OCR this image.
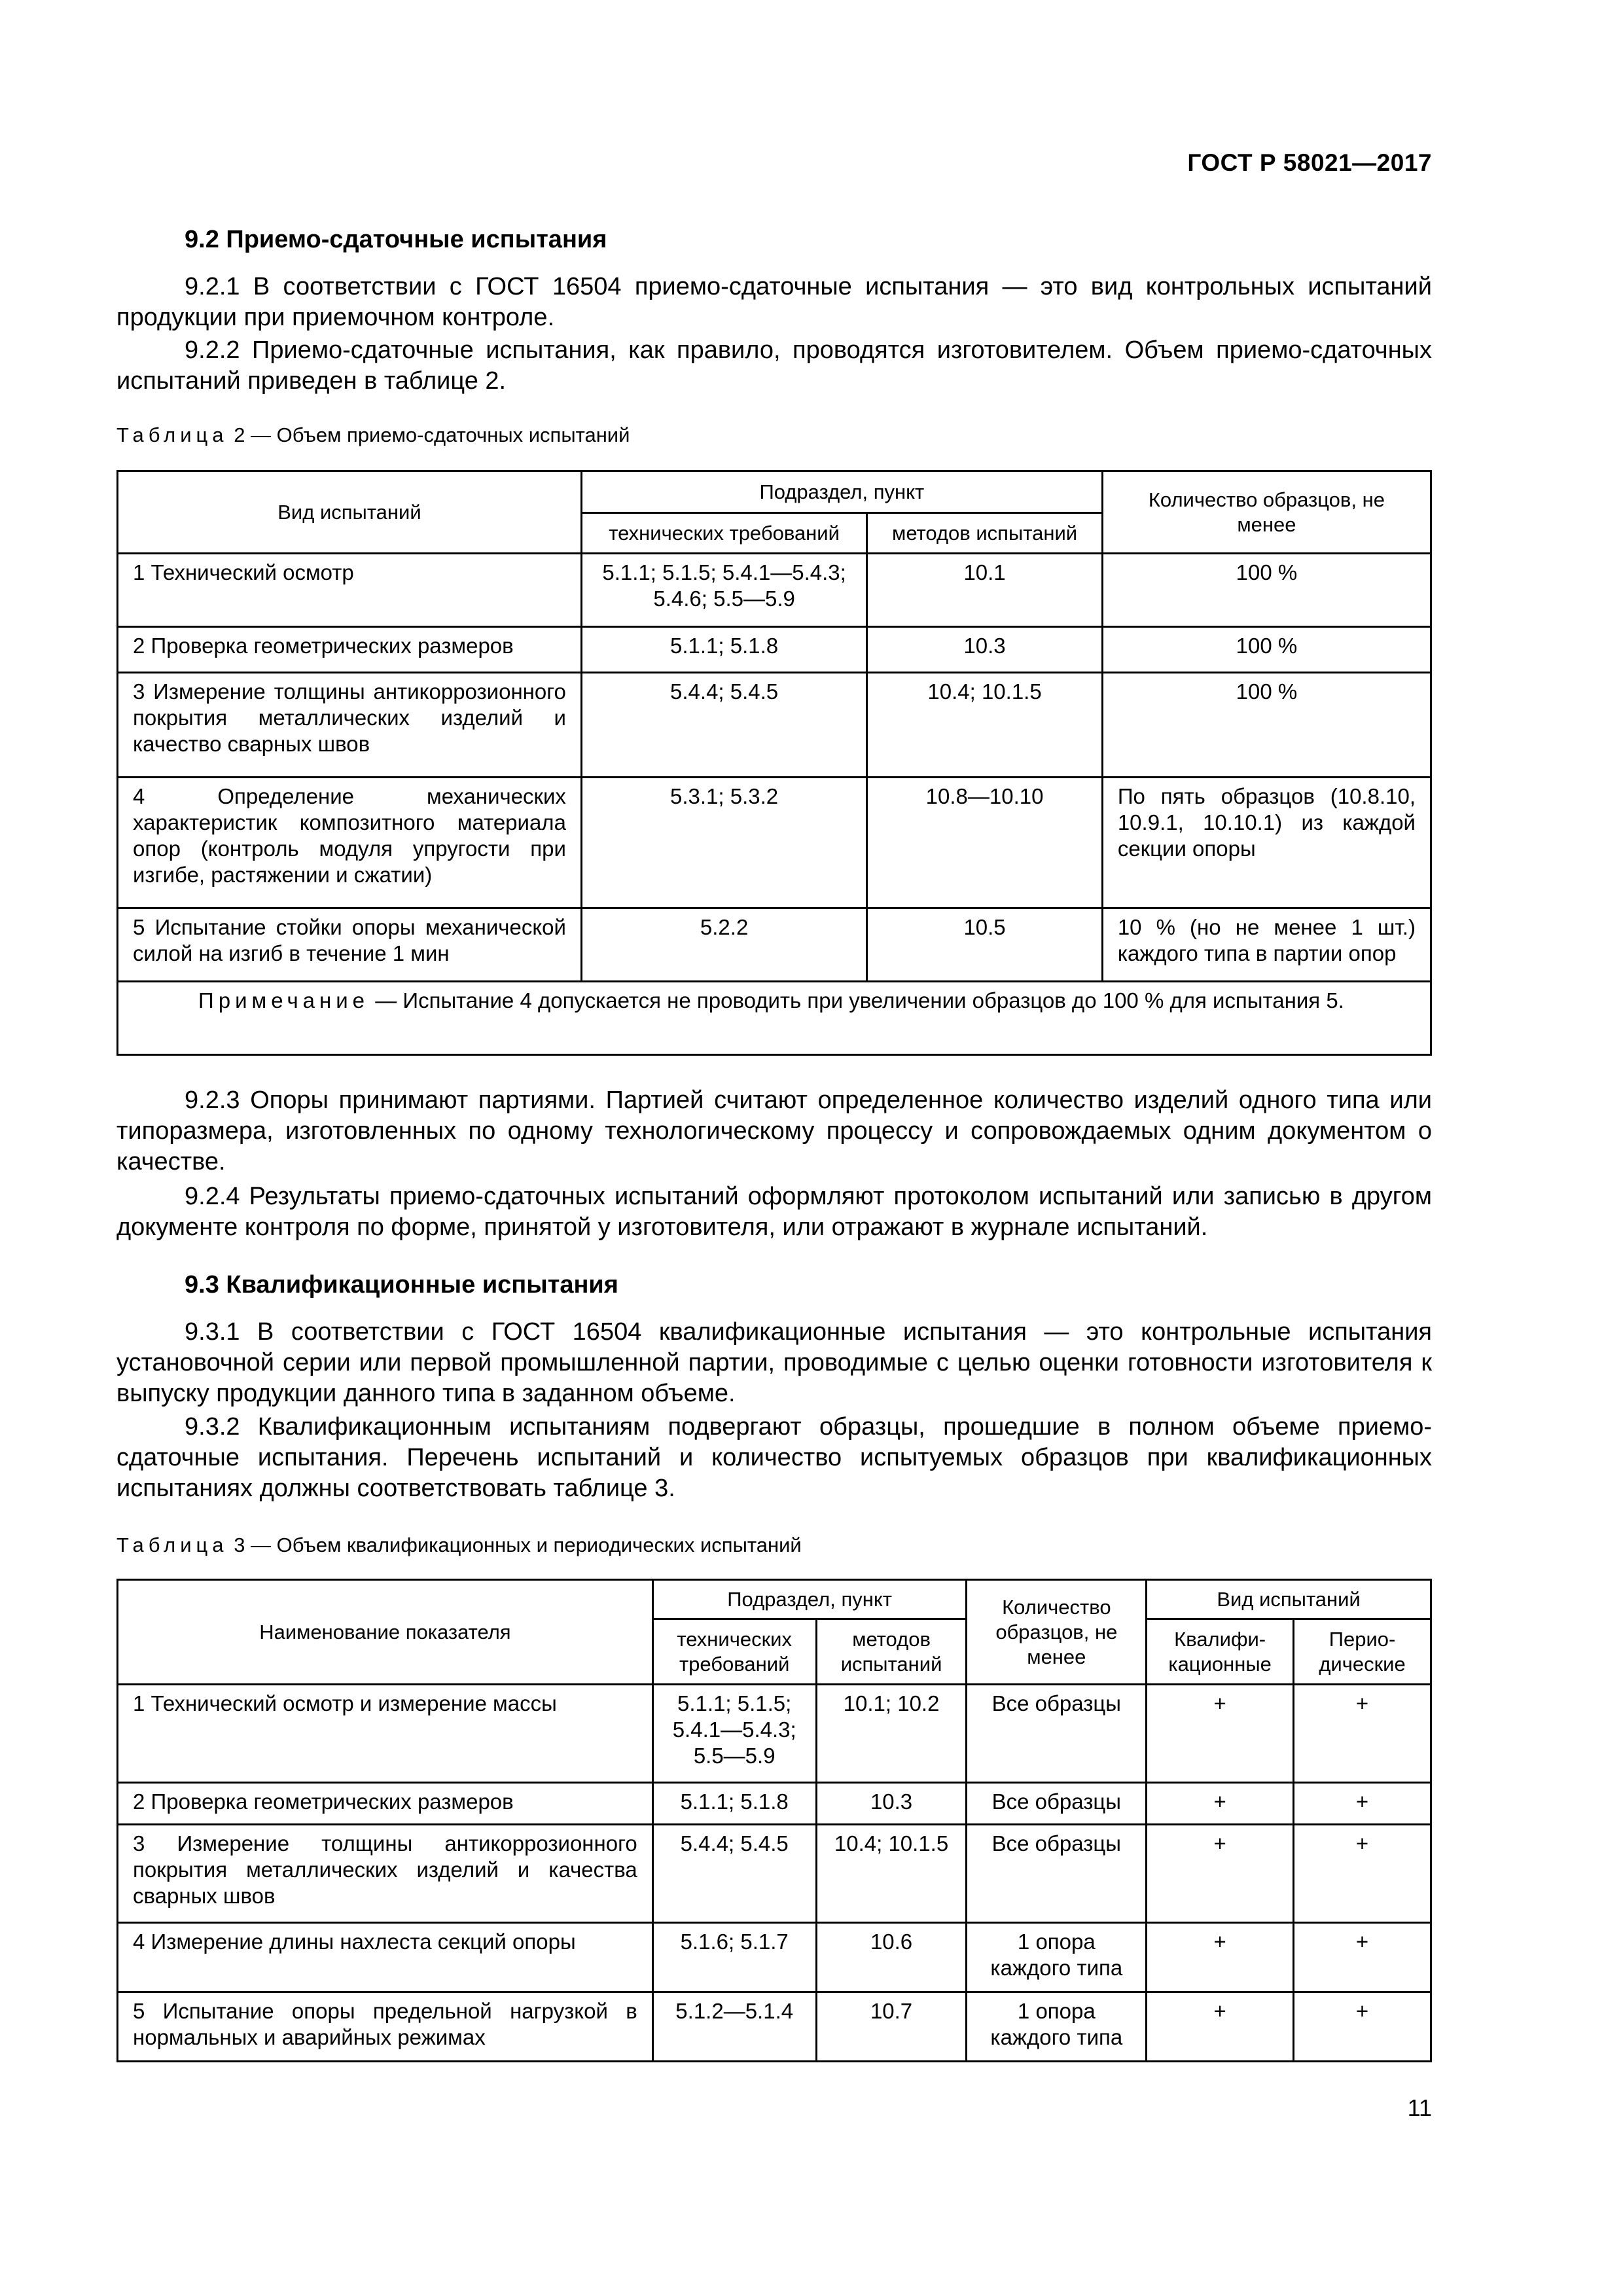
ГОСТ Р 58021—2017
9.2 Приемо-сдаточные испытания
9.2.1 В соответствии с ГОСТ 16504 приемо-сдаточные испытания — это вид контрольных испытаний продукции при приемочном контроле.
9.2.2 Приемо-сдаточные испытания, как правило, проводятся изготовителем. Объем приемо-сдаточных испытаний приведен в таблице 2.
Таблица 2 — Объем приемо-сдаточных испытаний
Вид испытаний	Подраздел, пункт		Количество образцов, не менее
	технических требований	методов испытаний	
1 Технический осмотр	5.1.1; 5.1.5; 5.4.1—5.4.3; 5.4.6; 5.5—5.9	10.1	100 %
2 Проверка геометрических размеров	5.1.1; 5.1.8	10.3	100 %
3 Измерение толщины антикоррозионного покрытия металлических изделий и качество сварных швов	5.4.4; 5.4.5	10.4; 10.1.5	100 %
4 Определение механических характеристик композитного материала опор (контроль модуля упругости при изгибе, растяжении и сжатии)	5.3.1; 5.3.2	10.8—10.10	По пять образцов (10.8.10, 10.9.1, 10.10.1) из каждой секции опоры
5 Испытание стойки опоры механической силой на изгиб в течение 1 мин	5.2.2	10.5	10 % (но не менее 1 шт.) каждого типа в партии опор
Примечание — Испытание 4 допускается не проводить при увеличении образцов до 100 % для испытания 5.			
9.2.3 Опоры принимают партиями. Партией считают определенное количество изделий одного типа или типоразмера, изготовленных по одному технологическому процессу и сопровождаемых одним документом о качестве.
9.2.4 Результаты приемо-сдаточных испытаний оформляют протоколом испытаний или записью в другом документе контроля по форме, принятой у изготовителя, или отражают в журнале испытаний.
9.3 Квалификационные испытания
9.3.1 В соответствии с ГОСТ 16504 квалификационные испытания — это контрольные испытания установочной серии или первой промышленной партии, проводимые с целью оценки готовности изготовителя к выпуску продукции данного типа в заданном объеме.
9.3.2 Квалификационным испытаниям подвергают образцы, прошедшие в полном объеме приемо-сдаточные испытания. Перечень испытаний и количество испытуемых образцов при квалификационных испытаниях должны соответствовать таблице 3.
Таблица 3 — Объем квалификационных и периодических испытаний
Наименование показателя	Подраздел, пункт		Количество образцов, не менее	Вид испытаний	
	технических требований	методов испытаний		Квалифи-кационные	Перио-дические
1 Технический осмотр и измерение массы	5.1.1; 5.1.5; 5.4.1—5.4.3; 5.5—5.9	10.1; 10.2	Все образцы	+	+
2 Проверка геометрических размеров	5.1.1; 5.1.8	10.3	Все образцы	+	+
3 Измерение толщины антикоррозионного покрытия металлических изделий и качества сварных швов	5.4.4; 5.4.5	10.4; 10.1.5	Все образцы	+	+
4 Измерение длины нахлеста секций опоры	5.1.6; 5.1.7	10.6	1 опора каждого типа	+	+
5 Испытание опоры предельной нагрузкой в нормальных и аварийных режимах	5.1.2—5.1.4	10.7	1 опора каждого типа	+	+
11
